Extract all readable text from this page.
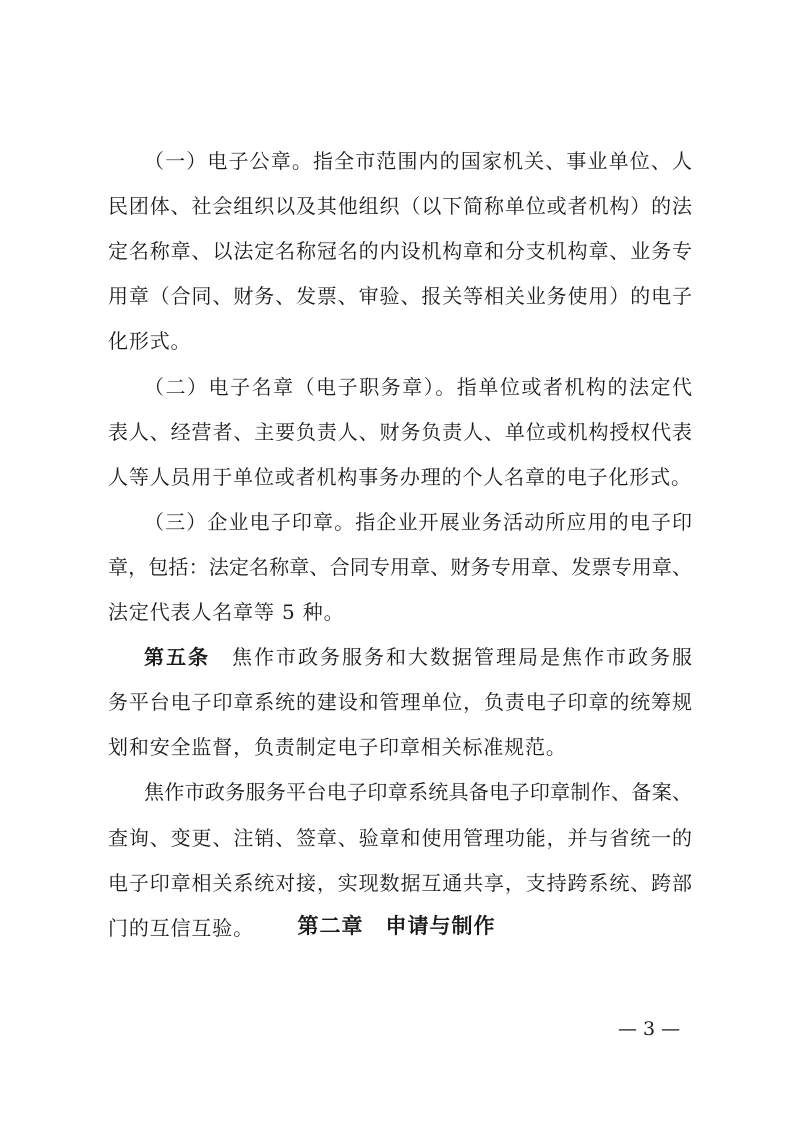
（一）电子公章。指全市范围内的国家机关、事业单位、人
民团体、社会组织以及其他组织（以下简称单位或者机构）的法
定名称章、以法定名称冠名的内设机构章和分支机构章、业务专
用章（合同、财务、发票、审验、报关等相关业务使用）的电子
化形式。
（二）电子名章（电子职务章）。指单位或者机构的法定代
表人、经营者、主要负责人、财务负责人、单位或机构授权代表
人等人员用于单位或者机构事务办理的个人名章的电子化形式。
（三）企业电子印章。指企业开展业务活动所应用的电子印
章，包括：法定名称章、合同专用章、财务专用章、发票专用章、
法定代表人名章等 5 种。
第五条　 焦作市政务服务和大数据管理局是焦作市政务服
务平台电子印章系统的建设和管理单位，负责电子印章的统筹规
划和安全监督，负责制定电子印章相关标准规范。
焦作市政务服务平台电子印章系统具备电子印章制作、备案、
查询、变更、注销、签章、验章和使用管理功能，并与省统一的
电子印章相关系统对接，实现数据互通共享，支持跨系统、跨部
门的互信互验。	第二章　申请与制作
— 3 —
